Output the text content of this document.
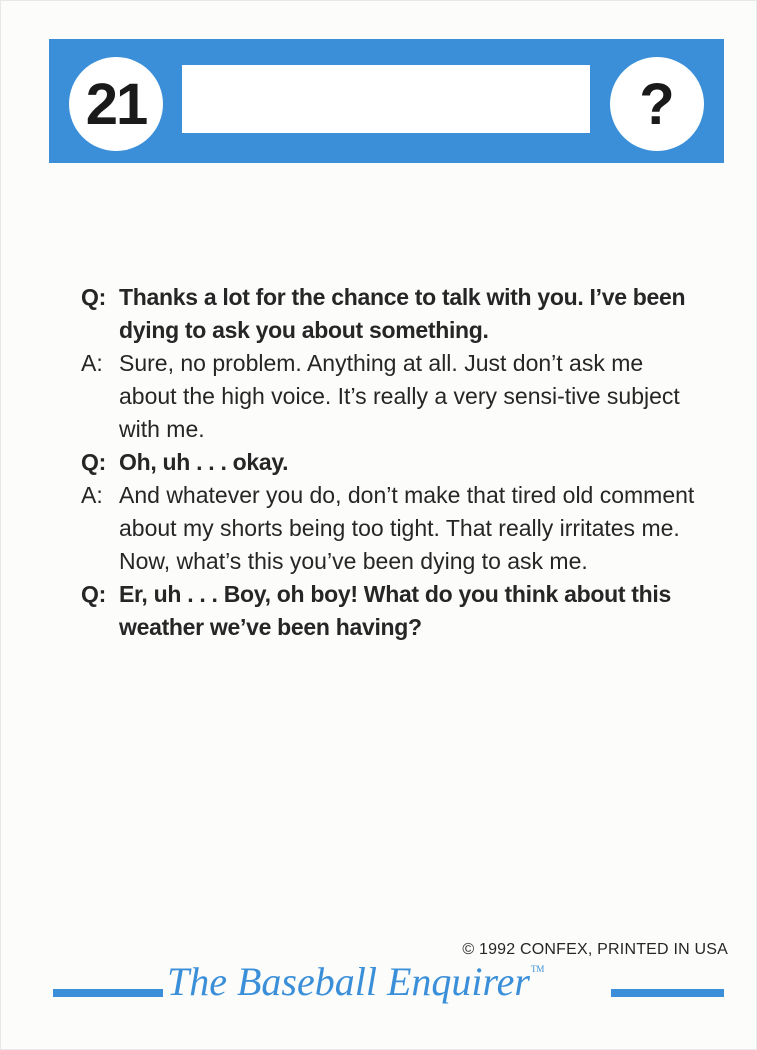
21	?
Q: Thanks a lot for the chance to talk with you. I’ve been dying to ask you about something.
A: Sure, no problem. Anything at all. Just don’t ask me about the high voice. It’s really a very sensi-tive subject with me.
Q: Oh, uh . . . okay.
A: And whatever you do, don’t make that tired old comment about my shorts being too tight. That really irritates me. Now, what’s this you’ve been dying to ask me.
Q: Er, uh . . . Boy, oh boy! What do you think about this weather we’ve been having?
© 1992 CONFEX, PRINTED IN USA
The Baseball Enquirer™
